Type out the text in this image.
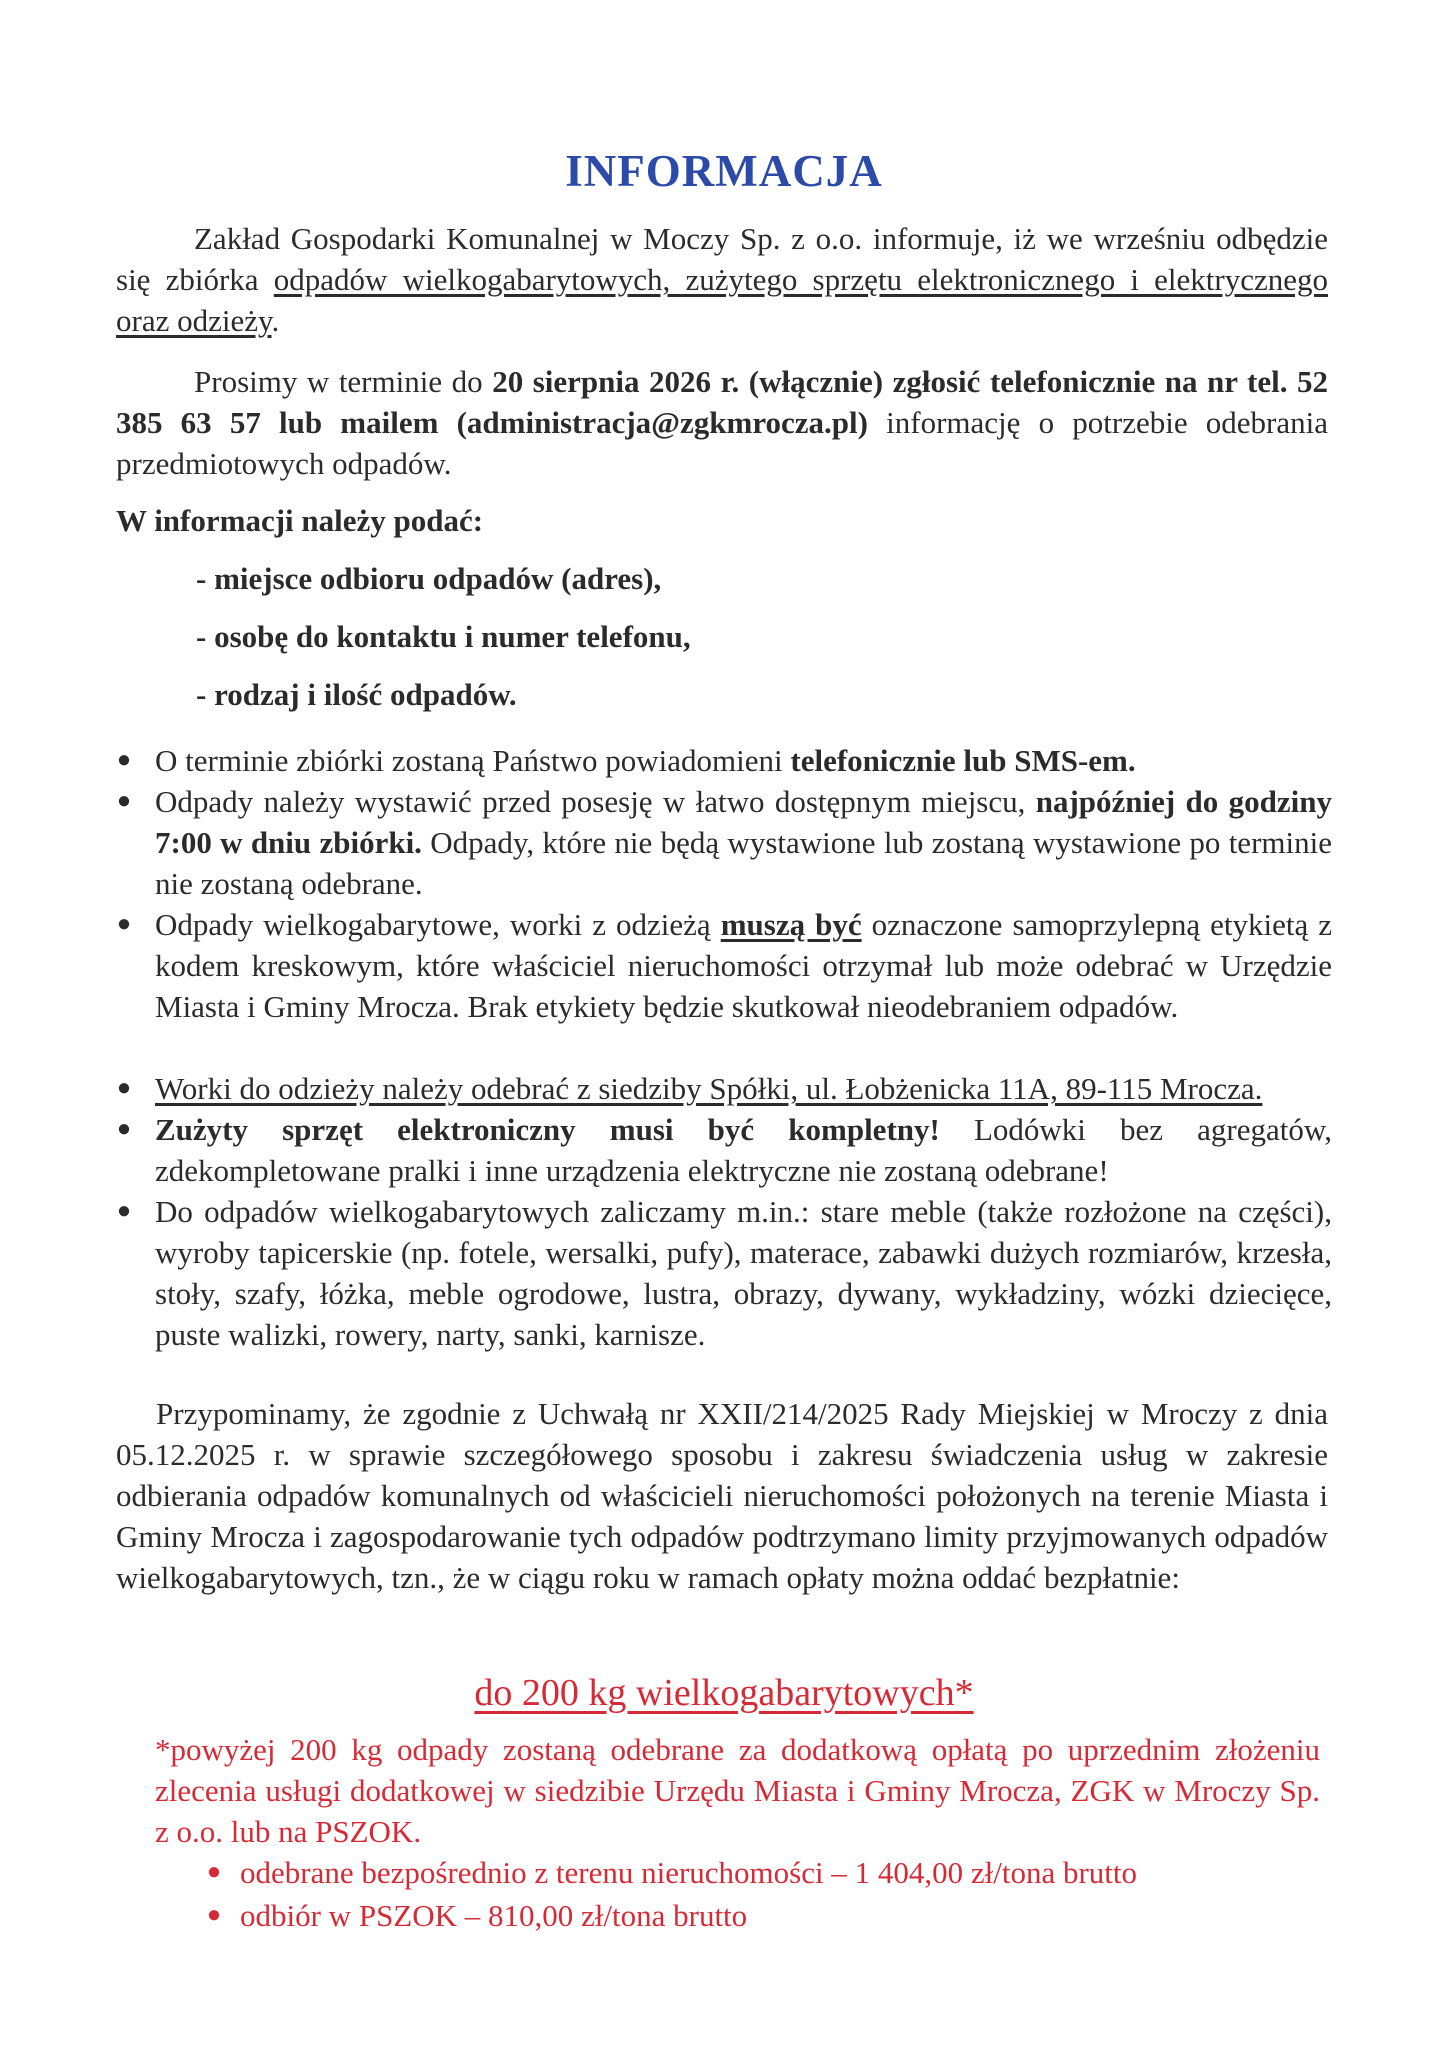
INFORMACJA
Zakład Gospodarki Komunalnej w Moczy Sp. z o.o. informuje, iż we wrześniu odbędzie się zbiórka odpadów wielkogabarytowych, zużytego sprzętu elektronicznego i elektrycznego oraz odzieży.
Prosimy w terminie do 20 sierpnia 2026 r. (włącznie) zgłosić telefonicznie na nr tel. 52 385 63 57 lub mailem (administracja@zgkmrocza.pl) informację o potrzebie odebrania przedmiotowych odpadów.
W informacji należy podać:
- miejsce odbioru odpadów (adres),
- osobę do kontaktu i numer telefonu,
- rodzaj i ilość odpadów.
● O terminie zbiórki zostaną Państwo powiadomieni telefonicznie lub SMS-em.
● Odpady należy wystawić przed posesję w łatwo dostępnym miejscu, najpóźniej do godziny 7:00 w dniu zbiórki. Odpady, które nie będą wystawione lub zostaną wystawione po terminie nie zostaną odebrane.
● Odpady wielkogabarytowe, worki z odzieżą muszą być oznaczone samoprzylepną etykietą z kodem kreskowym, które właściciel nieruchomości otrzymał lub może odebrać w Urzędzie Miasta i Gminy Mrocza. Brak etykiety będzie skutkował nieodebraniem odpadów.
● Worki do odzieży należy odebrać z siedziby Spółki, ul. Łobżenicka 11A, 89-115 Mrocza.
● Zużyty sprzęt elektroniczny musi być kompletny! Lodówki bez agregatów, zdekompletowane pralki i inne urządzenia elektryczne nie zostaną odebrane!
● Do odpadów wielkogabarytowych zaliczamy m.in.: stare meble (także rozłożone na części), wyroby tapicerskie (np. fotele, wersalki, pufy), materace, zabawki dużych rozmiarów, krzesła, stoły, szafy, łóżka, meble ogrodowe, lustra, obrazy, dywany, wykładziny, wózki dziecięce, puste walizki, rowery, narty, sanki, karnisze.
Przypominamy, że zgodnie z Uchwałą nr XXII/214/2025 Rady Miejskiej w Mroczy z dnia 05.12.2025 r. w sprawie szczegółowego sposobu i zakresu świadczenia usług w zakresie odbierania odpadów komunalnych od właścicieli nieruchomości położonych na terenie Miasta i Gminy Mrocza i zagospodarowanie tych odpadów podtrzymano limity przyjmowanych odpadów wielkogabarytowych, tzn., że w ciągu roku w ramach opłaty można oddać bezpłatnie:
do 200 kg wielkogabarytowych*
*powyżej 200 kg odpady zostaną odebrane za dodatkową opłatą po uprzednim złożeniu zlecenia usługi dodatkowej w siedzibie Urzędu Miasta i Gminy Mrocza, ZGK w Mroczy Sp. z o.o. lub na PSZOK.
● odebrane bezpośrednio z terenu nieruchomości – 1 404,00 zł/tona brutto
● odbiór w PSZOK – 810,00 zł/tona brutto
